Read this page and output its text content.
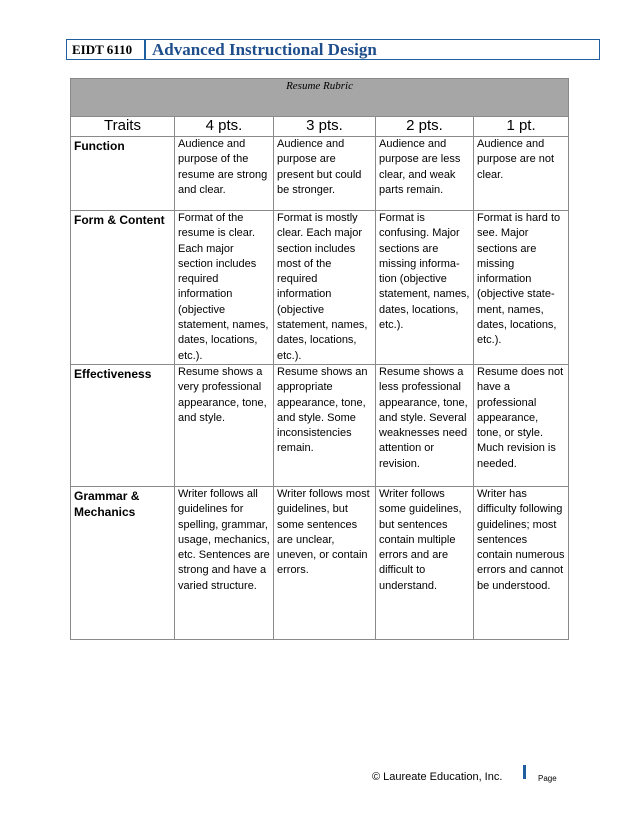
EIDT 6110	Advanced Instructional Design
Resume Rubric				
Traits	4 pts.	3 pts.	2 pts.	1 pt.
Function	Audience and purpose of the resume are strong and clear.	Audience and purpose are present but could be stronger.	Audience and purpose are less clear, and weak parts remain.	Audience and purpose are not clear.
Form & Content	Format of the resume is clear. Each major section includes required information (objective statement, names, dates, locations, etc.).	Format is mostly clear. Each major section includes most of the required information (objective statement, names, dates, locations, etc.).	Format is confusing. Major sections are missing informa- tion (objective statement, names, dates, locations, etc.).	Format is hard to see. Major sections are missing information (objective state- ment, names, dates, locations, etc.).
Effectiveness	Resume shows a very professional appearance, tone, and style.	Resume shows an appropriate appearance, tone, and style. Some inconsistencies remain.	Resume shows a less professional appearance, tone, and style. Several weaknesses need attention or revision.	Resume does not have a professional appearance, tone, or style. Much revision is needed.
Grammar & Mechanics	Writer follows all guidelines for spelling, grammar, usage, mechanics, etc. Sentences are strong and have a varied structure.	Writer follows most guidelines, but some sentences are unclear, uneven, or contain errors.	Writer follows some guidelines, but sentences contain multiple errors and are difficult to understand.	Writer has difficulty following guidelines; most sentences contain numerous errors and cannot be understood.
© Laureate Education, Inc.	Page
